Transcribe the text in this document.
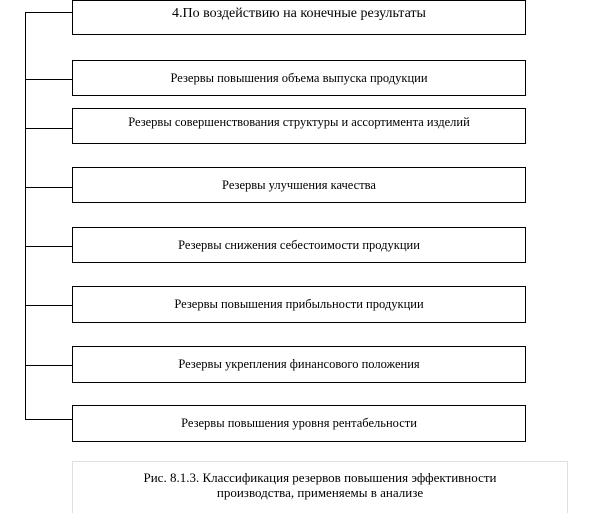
4.По воздействию на конечные результаты
Резервы повышения объема выпуска продукции
Резервы совершенствования структуры и ассортимента изделий
Резервы улучшения качества
Резервы снижения себестоимости продукции
Резервы повышения прибыльности продукции
Резервы укрепления финансового положения
Резервы повышения уровня рентабельности
Рис. 8.1.3. Классификация резервов повышения эффективности
производства, применяемы в анализе
